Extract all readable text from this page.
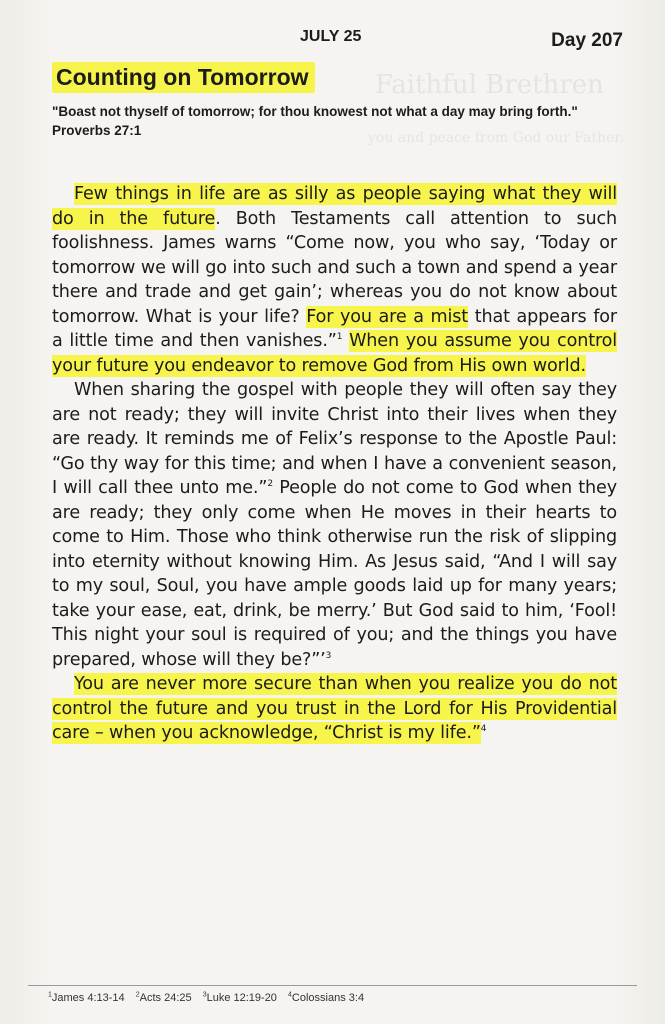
Faithful Brethren
you and peace from God our Father.
JULY 25	Day 207
Counting on Tomorrow
"Boast not thyself of tomorrow; for thou knowest not what a day may bring forth." Proverbs 27:1

Few things in life are as silly as people saying what they will do in the future. Both Testaments call attention to such foolishness. James warns “Come now, you who say, ‘Today or tomorrow we will go into such and such a town and spend a year there and trade and get gain’; whereas you do not know about tomorrow. What is your life? For you are a mist that appears for a little time and then vanishes.”$^1$ When you assume you control your future you endeavor to remove God from His own world.

When sharing the gospel with people they will often say they are not ready; they will invite Christ into their lives when they are ready. It reminds me of Felix’s response to the Apostle Paul: “Go thy way for this time; and when I have a convenient season, I will call thee unto me.”$^2$ People do not come to God when they are ready; they only come when He moves in their hearts to come to Him. Those who think otherwise run the risk of slipping into eternity without knowing Him. As Jesus said, “And I will say to my soul, Soul, you have ample goods laid up for many years; take your ease, eat, drink, be merry.’ But God said to him, ‘Fool! This night your soul is required of you; and the things you have prepared, whose will they be?”’$^3$

You are never more secure than when you realize you do not control the future and you trust in the Lord for His Providential care – when you acknowledge, “Christ is my life.”$^4$

$^1$James 4:13-14 $^2$Acts 24:25 $^3$Luke 12:19-20 $^4$Colossians 3:4
